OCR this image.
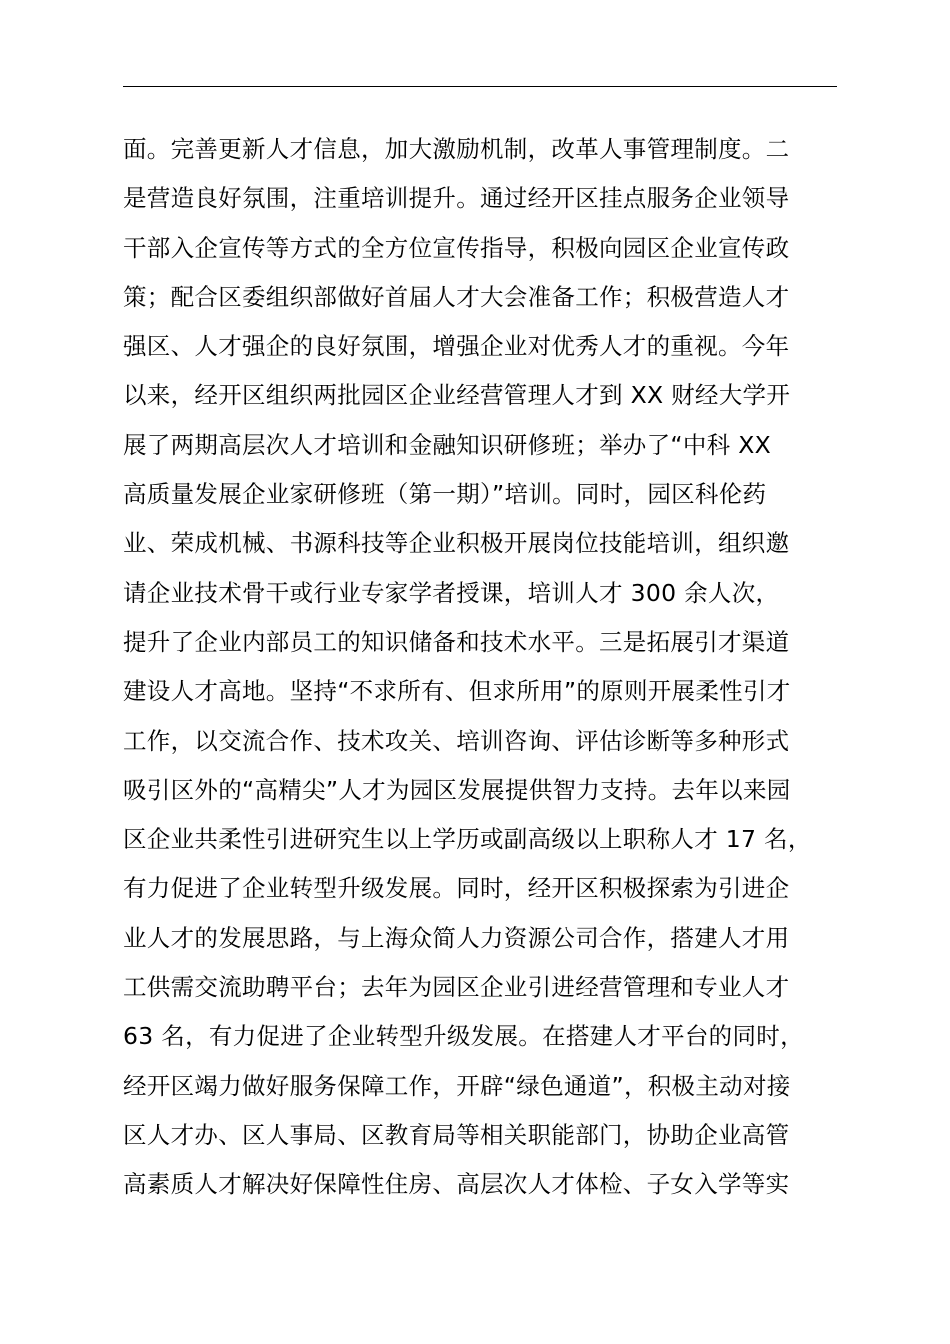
面。完善更新人才信息，加大激励机制，改革人事管理制度。二
是营造良好氛围，注重培训提升。通过经开区挂点服务企业领导
干部入企宣传等方式的全方位宣传指导，积极向园区企业宣传政
策；配合区委组织部做好首届人才大会准备工作；积极营造人才
强区、人才强企的良好氛围，增强企业对优秀人才的重视。今年
以来，经开区组织两批园区企业经营管理人才到 XX 财经大学开
展了两期高层次人才培训和金融知识研修班；举办了“中科 XX
高质量发展企业家研修班（第一期）”培训。同时，园区科伦药
业、荣成机械、书源科技等企业积极开展岗位技能培训，组织邀
请企业技术骨干或行业专家学者授课，培训人才 300 余人次，
提升了企业内部员工的知识储备和技术水平。三是拓展引才渠道
建设人才高地。坚持“不求所有、但求所用”的原则开展柔性引才
工作，以交流合作、技术攻关、培训咨询、评估诊断等多种形式
吸引区外的“高精尖”人才为园区发展提供智力支持。去年以来园
区企业共柔性引进研究生以上学历或副高级以上职称人才 17 名，
有力促进了企业转型升级发展。同时，经开区积极探索为引进企
业人才的发展思路，与上海众简人力资源公司合作，搭建人才用
工供需交流助聘平台；去年为园区企业引进经营管理和专业人才
63 名，有力促进了企业转型升级发展。在搭建人才平台的同时，
经开区竭力做好服务保障工作，开辟“绿色通道”，积极主动对接
区人才办、区人事局、区教育局等相关职能部门，协助企业高管
高素质人才解决好保障性住房、高层次人才体检、子女入学等实
